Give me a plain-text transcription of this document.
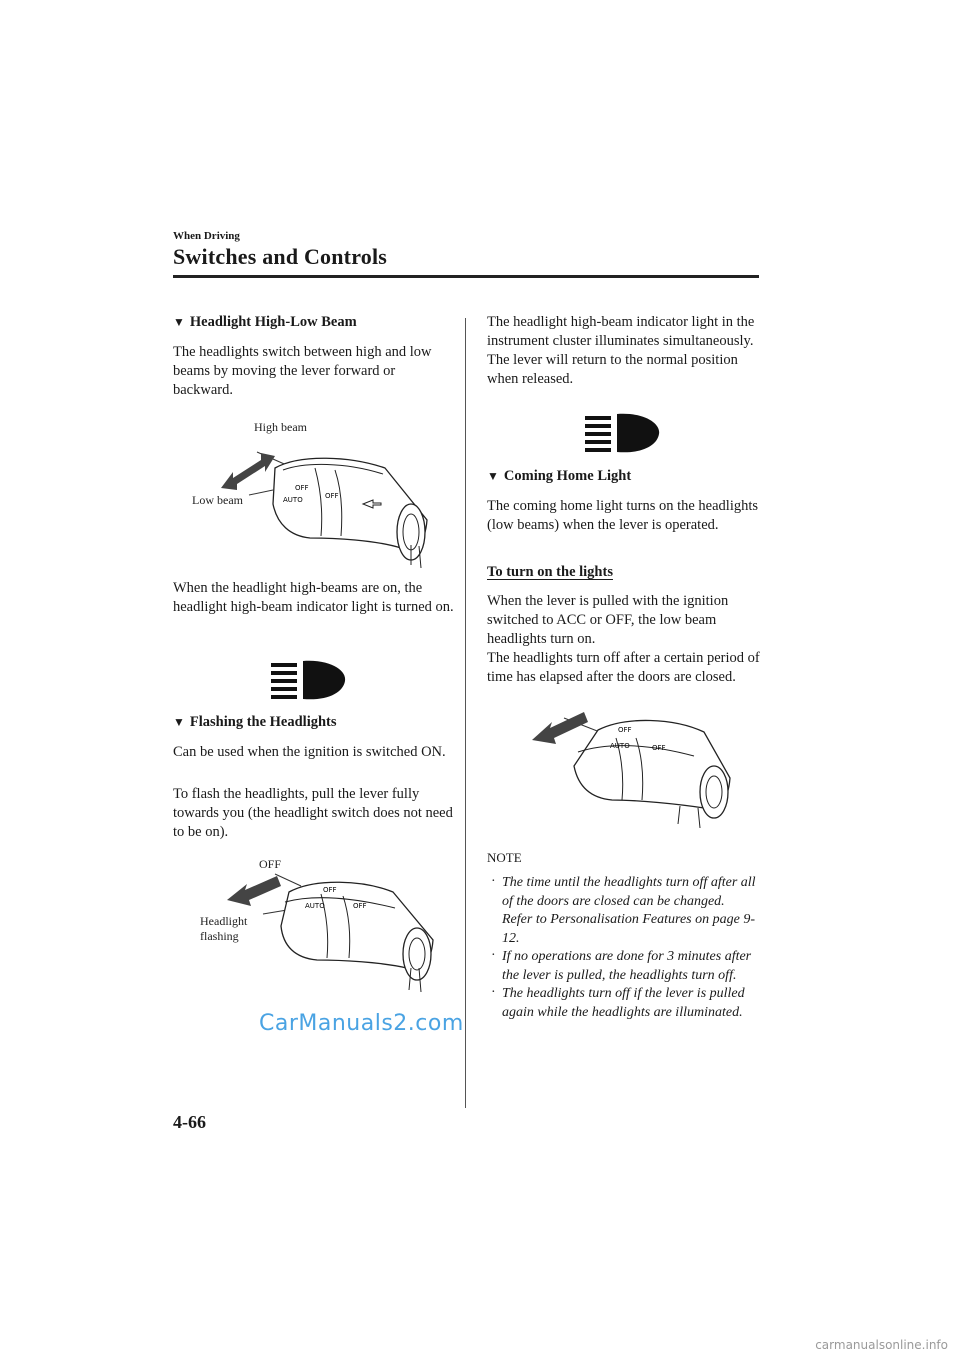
When Driving
Switches and Controls
▼ Headlight High-Low Beam

The headlights switch between high and low beams by moving the lever forward or backward.

High beam
Low beam
OFF
AUTO	OFF

When the headlight high-beams are on, the headlight high-beam indicator light is turned on.

▼ Flashing the Headlights

Can be used when the ignition is switched ON.

To flash the headlights, pull the lever fully towards you (the headlight switch does not need to be on).

OFF
Headlight flashing
OFF
AUTO	OFF
CarManuals2.com

The headlight high-beam indicator light in the instrument cluster illuminates simultaneously. The lever will return to the normal position when released.

▼ Coming Home Light

The coming home light turns on the headlights (low beams) when the lever is operated.

To turn on the lights

When the lever is pulled with the ignition switched to ACC or OFF, the low beam headlights turn on.

The headlights turn off after a certain period of time has elapsed after the doors are closed.

OFF
AUTO	OFF
NOTE
· The time until the headlights turn off after all of the doors are closed can be changed.
Refer to Personalisation Features on page 9-12.
· If no operations are done for 3 minutes after the lever is pulled, the headlights turn off.
· The headlights turn off if the lever is pulled again while the headlights are illuminated.
4-66
carmanualsonline.info
